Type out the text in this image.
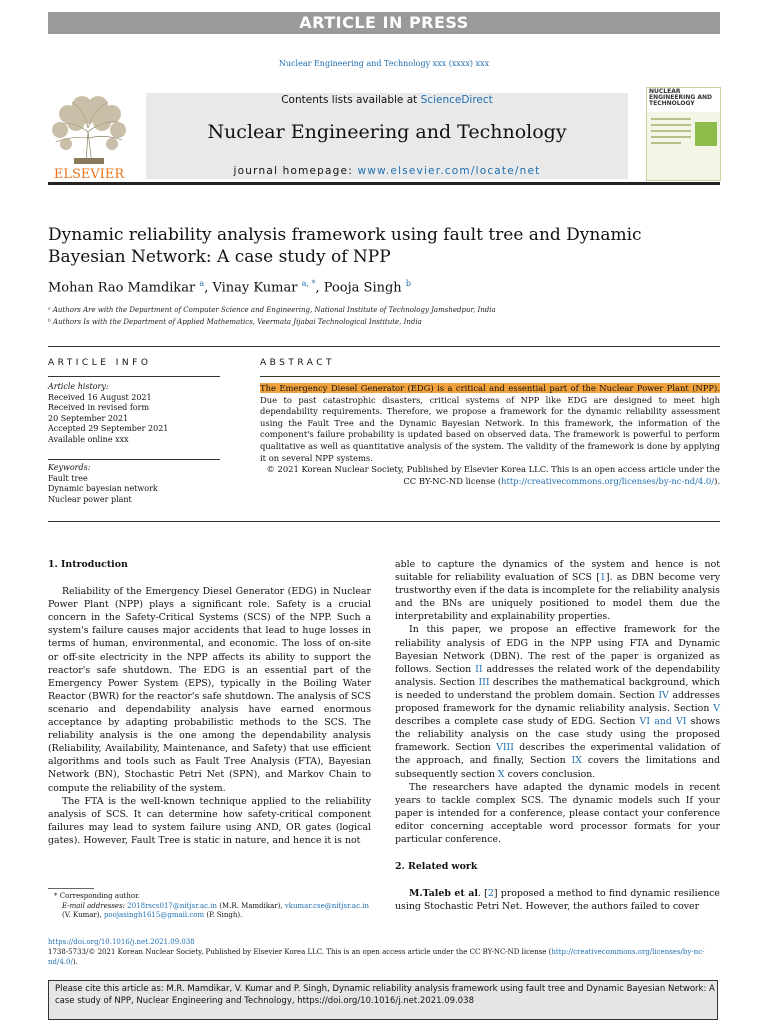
ARTICLE IN PRESS
Nuclear Engineering and Technology xxx (xxxx) xxx
ELSEVIER
Contents lists available at ScienceDirect
Nuclear Engineering and Technology
journal homepage: www.elsevier.com/locate/net
NUCLEAR ENGINEERING AND TECHNOLOGY
Dynamic reliability analysis framework using fault tree and Dynamic
Bayesian Network: A case study of NPP
Mohan Rao Mamdikar $^a$, Vinay Kumar $^{a, *}$, Pooja Singh $^b$
ᵃ Authors Are with the Department of Computer Science and Engineering, National Institute of Technology Jamshedpur, India
ᵇ Authors Is with the Department of Applied Mathematics, Veermata Jijabai Technological Institute, India
ARTICLE INFO	ABSTRACT
Article history:
Received 16 August 2021
Received in revised form
20 September 2021
Accepted 29 September 2021
Available online xxx
Keywords:
Fault tree
Dynamic bayesian network
Nuclear power plant
The Emergency Diesel Generator (EDG) is a critical and essential part of the Nuclear Power Plant (NPP). Due to past catastrophic disasters, critical systems of NPP like EDG are designed to meet high dependability requirements. Therefore, we propose a framework for the dynamic reliability assessment using the Fault Tree and the Dynamic Bayesian Network. In this framework, the information of the component's failure probability is updated based on observed data. The framework is powerful to perform qualitative as well as quantitative analysis of the system. The validity of the framework is done by applying it on several NPP systems.
© 2021 Korean Nuclear Society, Published by Elsevier Korea LLC. This is an open access article under the
CC BY-NC-ND license (http://creativecommons.org/licenses/by-nc-nd/4.0/).
1. Introduction

Reliability of the Emergency Diesel Generator (EDG) in Nuclear Power Plant (NPP) plays a significant role. Safety is a crucial concern in the Safety-Critical Systems (SCS) of the NPP. Such a system's failure causes major accidents that lead to huge losses in terms of human, environmental, and economic. The loss of on-site or off-site electricity in the NPP affects its ability to support the reactor's safe shutdown. The EDG is an essential part of the Emergency Power System (EPS), typically in the Boiling Water Reactor (BWR) for the reactor's safe shutdown. The analysis of SCS scenario and dependability analysis have earned enormous acceptance by adapting probabilistic methods to the SCS. The reliability analysis is the one among the dependability analysis (Reliability, Availability, Maintenance, and Safety) that use efficient algorithms and tools such as Fault Tree Analysis (FTA), Bayesian Network (BN), Stochastic Petri Net (SPN), and Markov Chain to compute the reliability of the system.

The FTA is the well-known technique applied to the reliability analysis of SCS. It can determine how safety-critical component failures may lead to system failure using AND, OR gates (logical gates). However, Fault Tree is static in nature, and hence it is not

able to capture the dynamics of the system and hence is not suitable for reliability evaluation of SCS [1]. as DBN become very trustworthy even if the data is incomplete for the reliability analysis and the BNs are uniquely positioned to model them due the interpretability and explainability properties.

In this paper, we propose an effective framework for the reliability analysis of EDG in the NPP using FTA and Dynamic Bayesian Network (DBN). The rest of the paper is organized as follows. Section II addresses the related work of the dependability analysis. Section III describes the mathematical background, which is needed to understand the problem domain. Section IV addresses proposed framework for the dynamic reliability analysis. Section V describes a complete case study of EDG. Section VI and VI shows the reliability analysis on the case study using the proposed framework. Section VIII describes the experimental validation of the approach, and finally, Section IX covers the limitations and subsequently section X covers conclusion.

The researchers have adapted the dynamic models in recent years to tackle complex SCS. The dynamic models such If your paper is intended for a conference, please contact your conference editor concerning acceptable word processor formats for your particular conference.

2. Related work

M.Taleb et al. [2] proposed a method to find dynamic resilience using Stochastic Petri Net. However, the authors failed to cover

* Corresponding author.
E-mail addresses: 2018rscs017@nitjsr.ac.in (M.R. Mamdikar), vkumar.cse@nitjsr.ac.in (V. Kumar), poojasingh1615@gmail.com (P. Singh).
https://doi.org/10.1016/j.net.2021.09.038
1738-5733/© 2021 Korean Nuclear Society, Published by Elsevier Korea LLC. This is an open access article under the CC BY-NC-ND license (http://creativecommons.org/licenses/by-nc-nd/4.0/).
Please cite this article as: M.R. Mamdikar, V. Kumar and P. Singh, Dynamic reliability analysis framework using fault tree and Dynamic Bayesian Network: A case study of NPP, Nuclear Engineering and Technology, https://doi.org/10.1016/j.net.2021.09.038
